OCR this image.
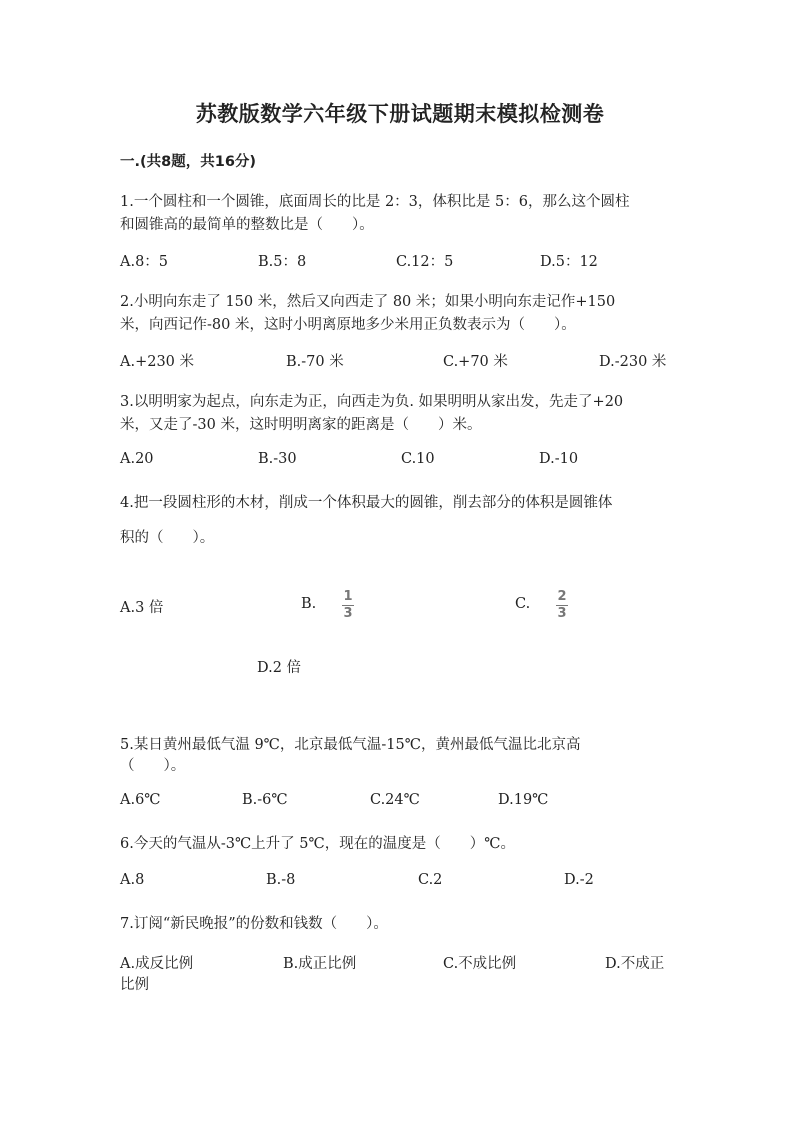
苏教版数学六年级下册试题期末模拟检测卷
一.(共8题，共16分)
1.一个圆柱和一个圆锥，底面周长的比是 2：3，体积比是 5：6，那么这个圆柱
和圆锥高的最简单的整数比是（　　）。
A.8：5	B.5：8	C.12：5	D.5：12
2.小明向东走了 150 米，然后又向西走了 80 米；如果小明向东走记作+150
米，向西记作-80 米，这时小明离原地多少米用正负数表示为（　　）。
A.+230 米	B.-70 米	C.+70 米	D.-230 米
3.以明明家为起点，向东走为正，向西走为负. 如果明明从家出发，先走了+20
米，又走了-30 米，这时明明离家的距离是（　　）米。
A.20	B.-30	C.10	D.-10
4.把一段圆柱形的木材，削成一个体积最大的圆锥，削去部分的体积是圆锥体
积的（　　）。
A.3 倍	B. 1
3
C. 2
3
D.2 倍
5.某日黄州最低气温 9℃，北京最低气温-15℃，黄州最低气温比北京高
（　　）。
A.6℃	B.-6℃	C.24℃	D.19℃
6.今天的气温从-3℃上升了 5℃，现在的温度是（　　）℃。
A.8	B.-8	C.2	D.-2
7.订阅“新民晚报”的份数和钱数（　　）。
A.成反比例	B.成正比例	C.不成比例	D.不成正
比例
